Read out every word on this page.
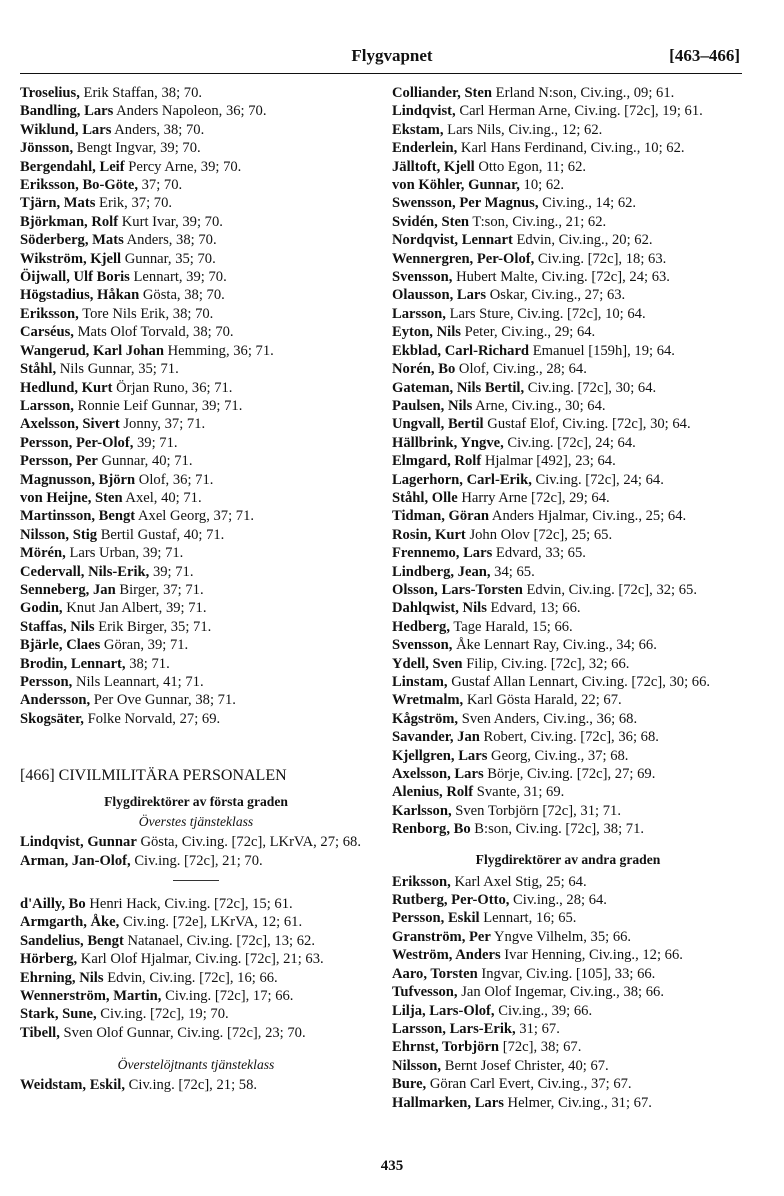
Flygvapnet	[463–466]

Troselius, Erik Staffan, 38; 70.

Bandling, Lars Anders Napoleon, 36; 70.

Wiklund, Lars Anders, 38; 70.

Jönsson, Bengt Ingvar, 39; 70.

Bergendahl, Leif Percy Arne, 39; 70.

Eriksson, Bo-Göte, 37; 70.

Tjärn, Mats Erik, 37; 70.

Björkman, Rolf Kurt Ivar, 39; 70.

Söderberg, Mats Anders, 38; 70.

Wikström, Kjell Gunnar, 35; 70.

Öijwall, Ulf Boris Lennart, 39; 70.

Högstadius, Håkan Gösta, 38; 70.

Eriksson, Tore Nils Erik, 38; 70.

Carséus, Mats Olof Torvald, 38; 70.

Wangerud, Karl Johan Hemming, 36; 71.

Ståhl, Nils Gunnar, 35; 71.

Hedlund, Kurt Örjan Runo, 36; 71.

Larsson, Ronnie Leif Gunnar, 39; 71.

Axelsson, Sivert Jonny, 37; 71.

Persson, Per-Olof, 39; 71.

Persson, Per Gunnar, 40; 71.

Magnusson, Björn Olof, 36; 71.

von Heijne, Sten Axel, 40; 71.

Martinsson, Bengt Axel Georg, 37; 71.

Nilsson, Stig Bertil Gustaf, 40; 71.

Mörén, Lars Urban, 39; 71.

Cedervall, Nils-Erik, 39; 71.

Senneberg, Jan Birger, 37; 71.

Godin, Knut Jan Albert, 39; 71.

Staffas, Nils Erik Birger, 35; 71.

Bjärle, Claes Göran, 39; 71.

Brodin, Lennart, 38; 71.

Persson, Nils Leannart, 41; 71.

Andersson, Per Ove Gunnar, 38; 71.

Skogsäter, Folke Norvald, 27; 69.

[466] CIVILMILITÄRA PERSONALEN
Flygdirektörer av första graden
Överstes tjänsteklass

Lindqvist, Gunnar Gösta, Civ.ing. [72c], LKrVA, 27; 68.

Arman, Jan-Olof, Civ.ing. [72c], 21; 70.

d'Ailly, Bo Henri Hack, Civ.ing. [72c], 15; 61.

Armgarth, Åke, Civ.ing. [72e], LKrVA, 12; 61.

Sandelius, Bengt Natanael, Civ.ing. [72c], 13; 62.

Hörberg, Karl Olof Hjalmar, Civ.ing. [72c], 21; 63.

Ehrning, Nils Edvin, Civ.ing. [72c], 16; 66.

Wennerström, Martin, Civ.ing. [72c], 17; 66.

Stark, Sune, Civ.ing. [72c], 19; 70.

Tibell, Sven Olof Gunnar, Civ.ing. [72c], 23; 70.

Överstelöjtnants tjänsteklass

Weidstam, Eskil, Civ.ing. [72c], 21; 58.

Colliander, Sten Erland N:son, Civ.ing., 09; 61.

Lindqvist, Carl Herman Arne, Civ.ing. [72c], 19; 61.

Ekstam, Lars Nils, Civ.ing., 12; 62.

Enderlein, Karl Hans Ferdinand, Civ.ing., 10; 62.

Jälltoft, Kjell Otto Egon, 11; 62.

von Köhler, Gunnar, 10; 62.

Swensson, Per Magnus, Civ.ing., 14; 62.

Svidén, Sten T:son, Civ.ing., 21; 62.

Nordqvist, Lennart Edvin, Civ.ing., 20; 62.

Wennergren, Per-Olof, Civ.ing. [72c], 18; 63.

Svensson, Hubert Malte, Civ.ing. [72c], 24; 63.

Olausson, Lars Oskar, Civ.ing., 27; 63.

Larsson, Lars Sture, Civ.ing. [72c], 10; 64.

Eyton, Nils Peter, Civ.ing., 29; 64.

Ekblad, Carl-Richard Emanuel [159h], 19; 64.

Norén, Bo Olof, Civ.ing., 28; 64.

Gateman, Nils Bertil, Civ.ing. [72c], 30; 64.

Paulsen, Nils Arne, Civ.ing., 30; 64.

Ungvall, Bertil Gustaf Elof, Civ.ing. [72c], 30; 64.

Hällbrink, Yngve, Civ.ing. [72c], 24; 64.

Elmgard, Rolf Hjalmar [492], 23; 64.

Lagerhorn, Carl-Erik, Civ.ing. [72c], 24; 64.

Ståhl, Olle Harry Arne [72c], 29; 64.

Tidman, Göran Anders Hjalmar, Civ.ing., 25; 64.

Rosin, Kurt John Olov [72c], 25; 65.

Frennemo, Lars Edvard, 33; 65.

Lindberg, Jean, 34; 65.

Olsson, Lars-Torsten Edvin, Civ.ing. [72c], 32; 65.

Dahlqwist, Nils Edvard, 13; 66.

Hedberg, Tage Harald, 15; 66.

Svensson, Åke Lennart Ray, Civ.ing., 34; 66.

Ydell, Sven Filip, Civ.ing. [72c], 32; 66.

Linstam, Gustaf Allan Lennart, Civ.ing. [72c], 30; 66.

Wretmalm, Karl Gösta Harald, 22; 67.

Kågström, Sven Anders, Civ.ing., 36; 68.

Savander, Jan Robert, Civ.ing. [72c], 36; 68.

Kjellgren, Lars Georg, Civ.ing., 37; 68.

Axelsson, Lars Börje, Civ.ing. [72c], 27; 69.

Alenius, Rolf Svante, 31; 69.

Karlsson, Sven Torbjörn [72c], 31; 71.

Renborg, Bo B:son, Civ.ing. [72c], 38; 71.

Flygdirektörer av andra graden

Eriksson, Karl Axel Stig, 25; 64.

Rutberg, Per-Otto, Civ.ing., 28; 64.

Persson, Eskil Lennart, 16; 65.

Granström, Per Yngve Vilhelm, 35; 66.

Weström, Anders Ivar Henning, Civ.ing., 12; 66.

Aaro, Torsten Ingvar, Civ.ing. [105], 33; 66.

Tufvesson, Jan Olof Ingemar, Civ.ing., 38; 66.

Lilja, Lars-Olof, Civ.ing., 39; 66.

Larsson, Lars-Erik, 31; 67.

Ehrnst, Torbjörn [72c], 38; 67.

Nilsson, Bernt Josef Christer, 40; 67.

Bure, Göran Carl Evert, Civ.ing., 37; 67.

Hallmarken, Lars Helmer, Civ.ing., 31; 67.

435
